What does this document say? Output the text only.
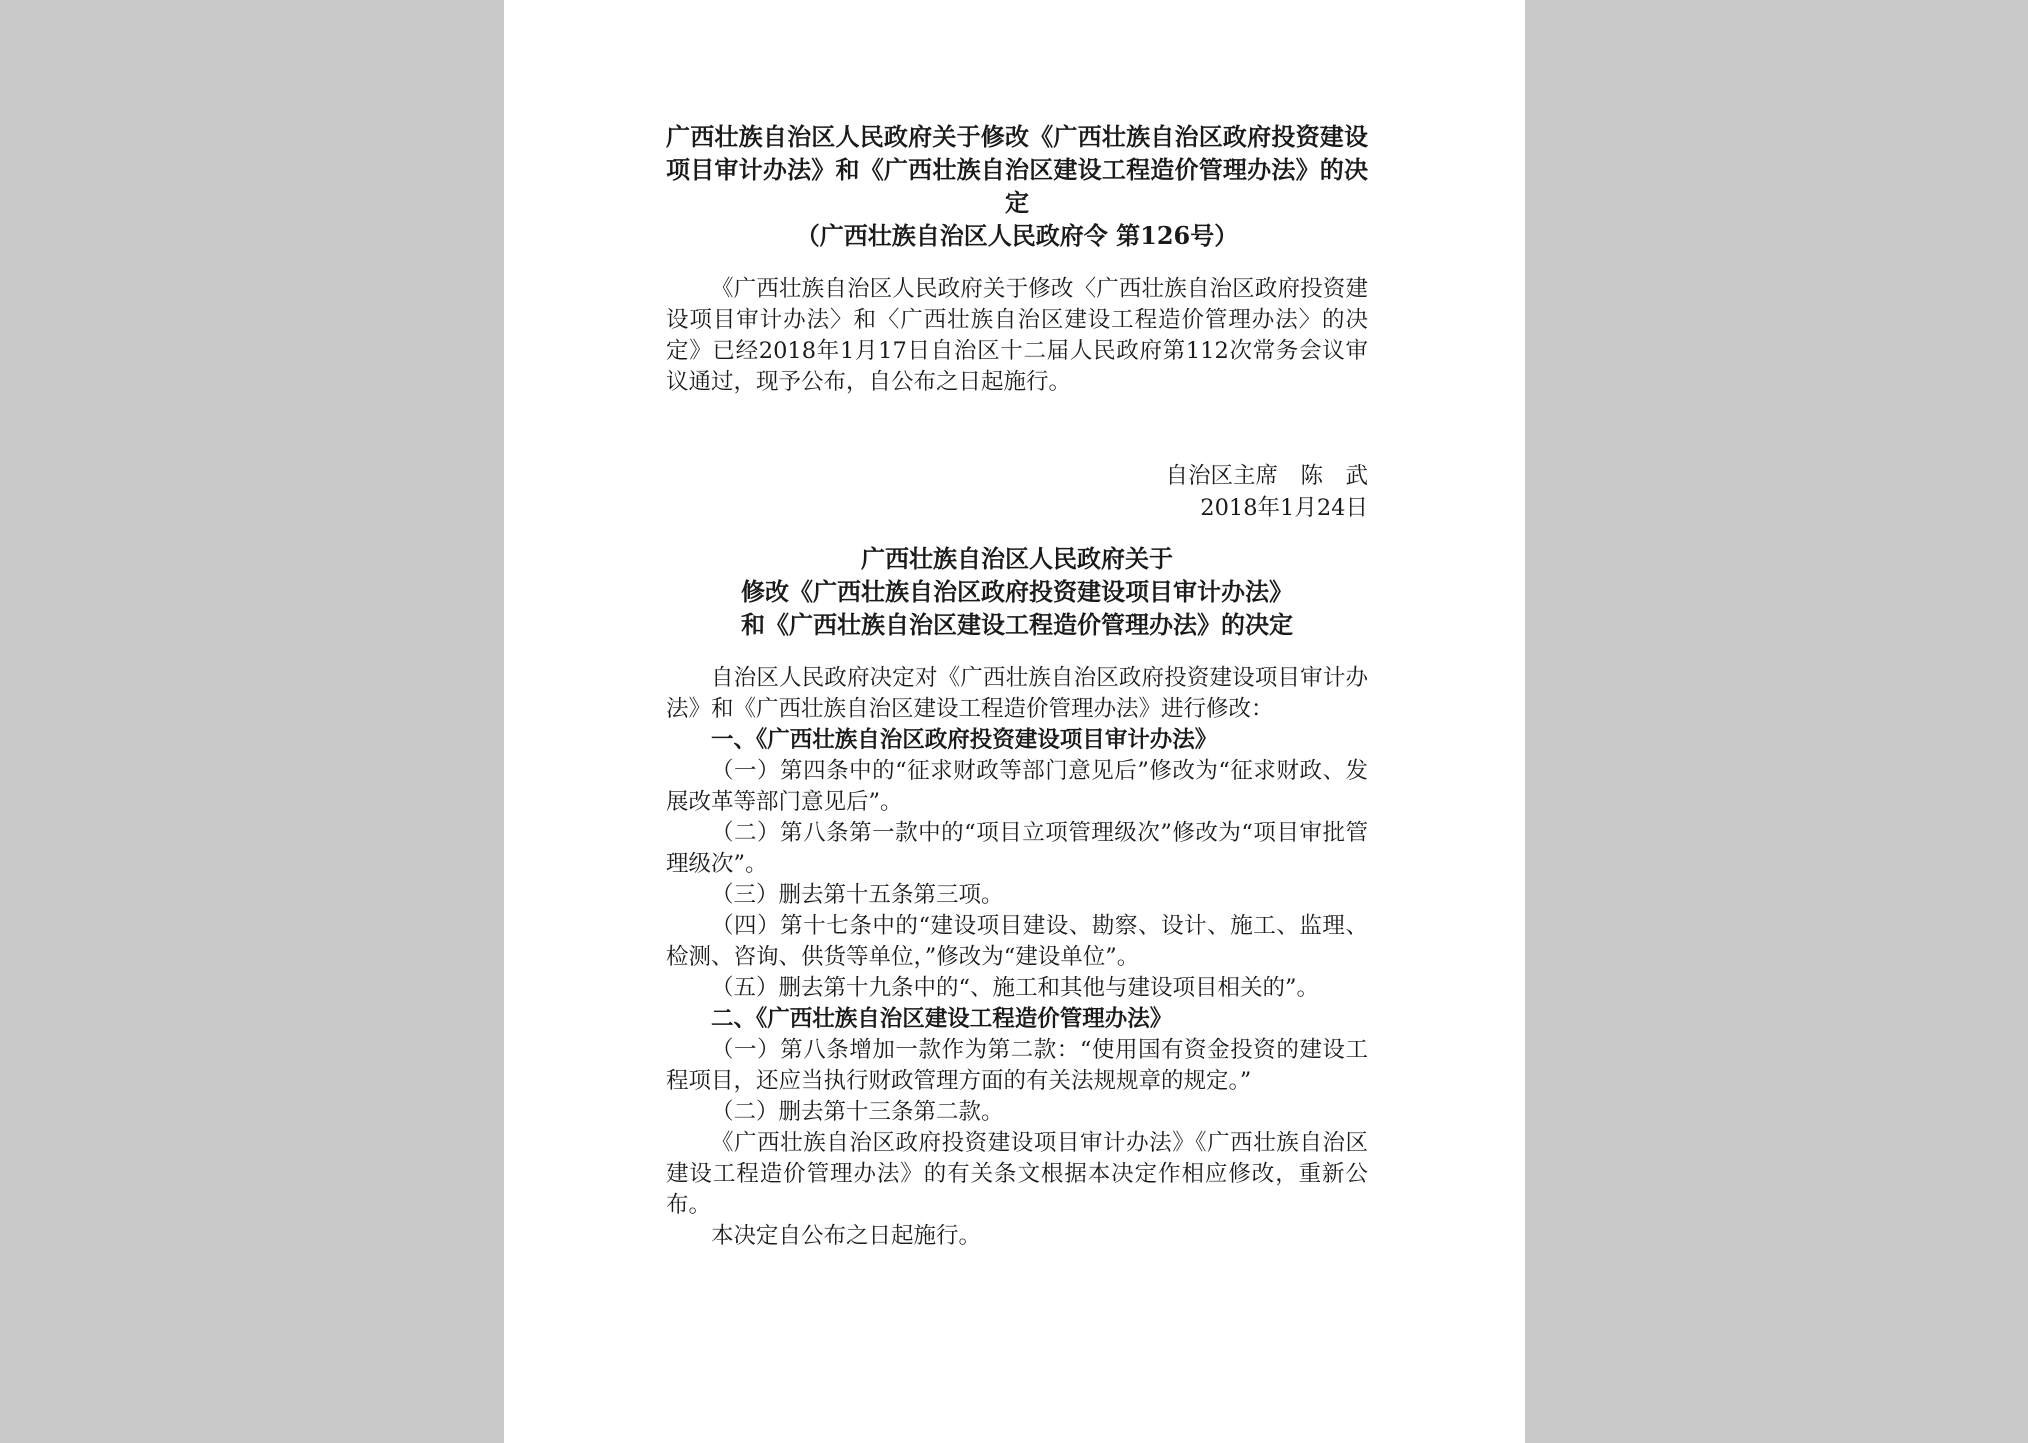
广西壮族自治区人民政府关于修改《广西壮族自治区政府投资建设项目审计办法》和《广西壮族自治区建设工程造价管理办法》的决定

（广西壮族自治区人民政府令 第126号）

《广西壮族自治区人民政府关于修改〈广西壮族自治区政府投资建设项目审计办法〉和〈广西壮族自治区建设工程造价管理办法〉的决定》已经2018年1月17日自治区十二届人民政府第112次常务会议审议通过，现予公布，自公布之日起施行。

自治区主席　陈　武

2018年1月24日

广西壮族自治区人民政府关于

修改《广西壮族自治区政府投资建设项目审计办法》

和《广西壮族自治区建设工程造价管理办法》的决定

自治区人民政府决定对《广西壮族自治区政府投资建设项目审计办法》和《广西壮族自治区建设工程造价管理办法》进行修改：

一、《广西壮族自治区政府投资建设项目审计办法》

（一）第四条中的“征求财政等部门意见后”修改为“征求财政、发展改革等部门意见后”。

（二）第八条第一款中的“项目立项管理级次”修改为“项目审批管理级次”。

（三）删去第十五条第三项。

（四）第十七条中的“建设项目建设、勘察、设计、施工、监理、检测、咨询、供货等单位，”修改为“建设单位”。

（五）删去第十九条中的“、施工和其他与建设项目相关的”。

二、《广西壮族自治区建设工程造价管理办法》

（一）第八条增加一款作为第二款：“使用国有资金投资的建设工程项目，还应当执行财政管理方面的有关法规规章的规定。”

（二）删去第十三条第二款。

《广西壮族自治区政府投资建设项目审计办法》《广西壮族自治区建设工程造价管理办法》的有关条文根据本决定作相应修改，重新公布。

本决定自公布之日起施行。
